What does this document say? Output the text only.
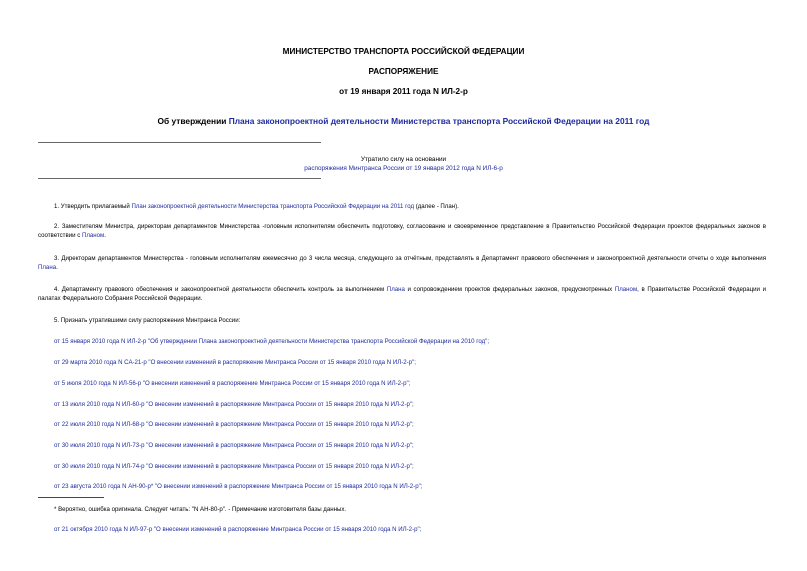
МИНИСТЕРСТВО ТРАНСПОРТА РОССИЙСКОЙ ФЕДЕРАЦИИ
РАСПОРЯЖЕНИЕ
от 19 января 2011 года N ИЛ-2-р
Об утверждении Плана законопроектной деятельности Министерства транспорта Российской Федерации на 2011 год
Утратило силу на основании
распоряжения Минтранса России от 19 января 2012 года N ИЛ-6-р
1. Утвердить прилагаемый План законопроектной деятельности Министерства транспорта Российской Федерации на 2011 год (далее - План).
2. Заместителям Министра, директорам департаментов Министерства -головным исполнителям обеспечить подготовку, согласование и своевременное представление в Правительство Российской Федерации проектов федеральных законов в соответствии с Планом.
3. Директорам департаментов Министерства - головным исполнителям ежемесячно до 3 числа месяца, следующего за отчётным, представлять в Департамент правового обеспечения и законопроектной деятельности отчеты о ходе выполнения Плана.
4. Департаменту правового обеспечения и законопроектной деятельности обеспечить контроль за выполнением Плана и сопровождением проектов федеральных законов, предусмотренных Планом, в Правительстве Российской Федерации и палатах Федерального Собрания Российской Федерации.
5. Признать утратившими силу распоряжения Минтранса России:
от 15 января 2010 года N ИЛ-2-р "Об утверждении Плана законопроектной деятельности Министерства транспорта Российской Федерации на 2010 год";
от 29 марта 2010 года N СА-21-р "О внесении изменений в распоряжение Минтранса России от 15 января 2010 года N ИЛ-2-р";
от 5 июля 2010 года N ИЛ-56-р "О внесении изменений в распоряжение Минтранса России от 15 января 2010 года N ИЛ-2-р";
от 13 июля 2010 года N ИЛ-60-р "О внесении изменений в распоряжение Минтранса России от 15 января 2010 года N ИЛ-2-р";
от 22 июля 2010 года N ИЛ-68-р "О внесении изменений в распоряжение Минтранса России от 15 января 2010 года N ИЛ-2-р";
от 30 июля 2010 года N ИЛ-73-р "О внесении изменений в распоряжение Минтранса России от 15 января 2010 года N ИЛ-2-р";
от 30 июля 2010 года N ИЛ-74-р "О внесении изменений в распоряжение Минтранса России от 15 января 2010 года N ИЛ-2-р";
от 23 августа 2010 года N АН-90-р* "О внесении изменений в распоряжение Минтранса России от 15 января 2010 года N ИЛ-2-р";
* Вероятно, ошибка оригинала. Следует читать: "N АН-80-р". - Примечание изготовителя базы данных.
от 21 октября 2010 года N ИЛ-97-р "О внесении изменений в распоряжение Минтранса России от 15 января 2010 года N ИЛ-2-р";
